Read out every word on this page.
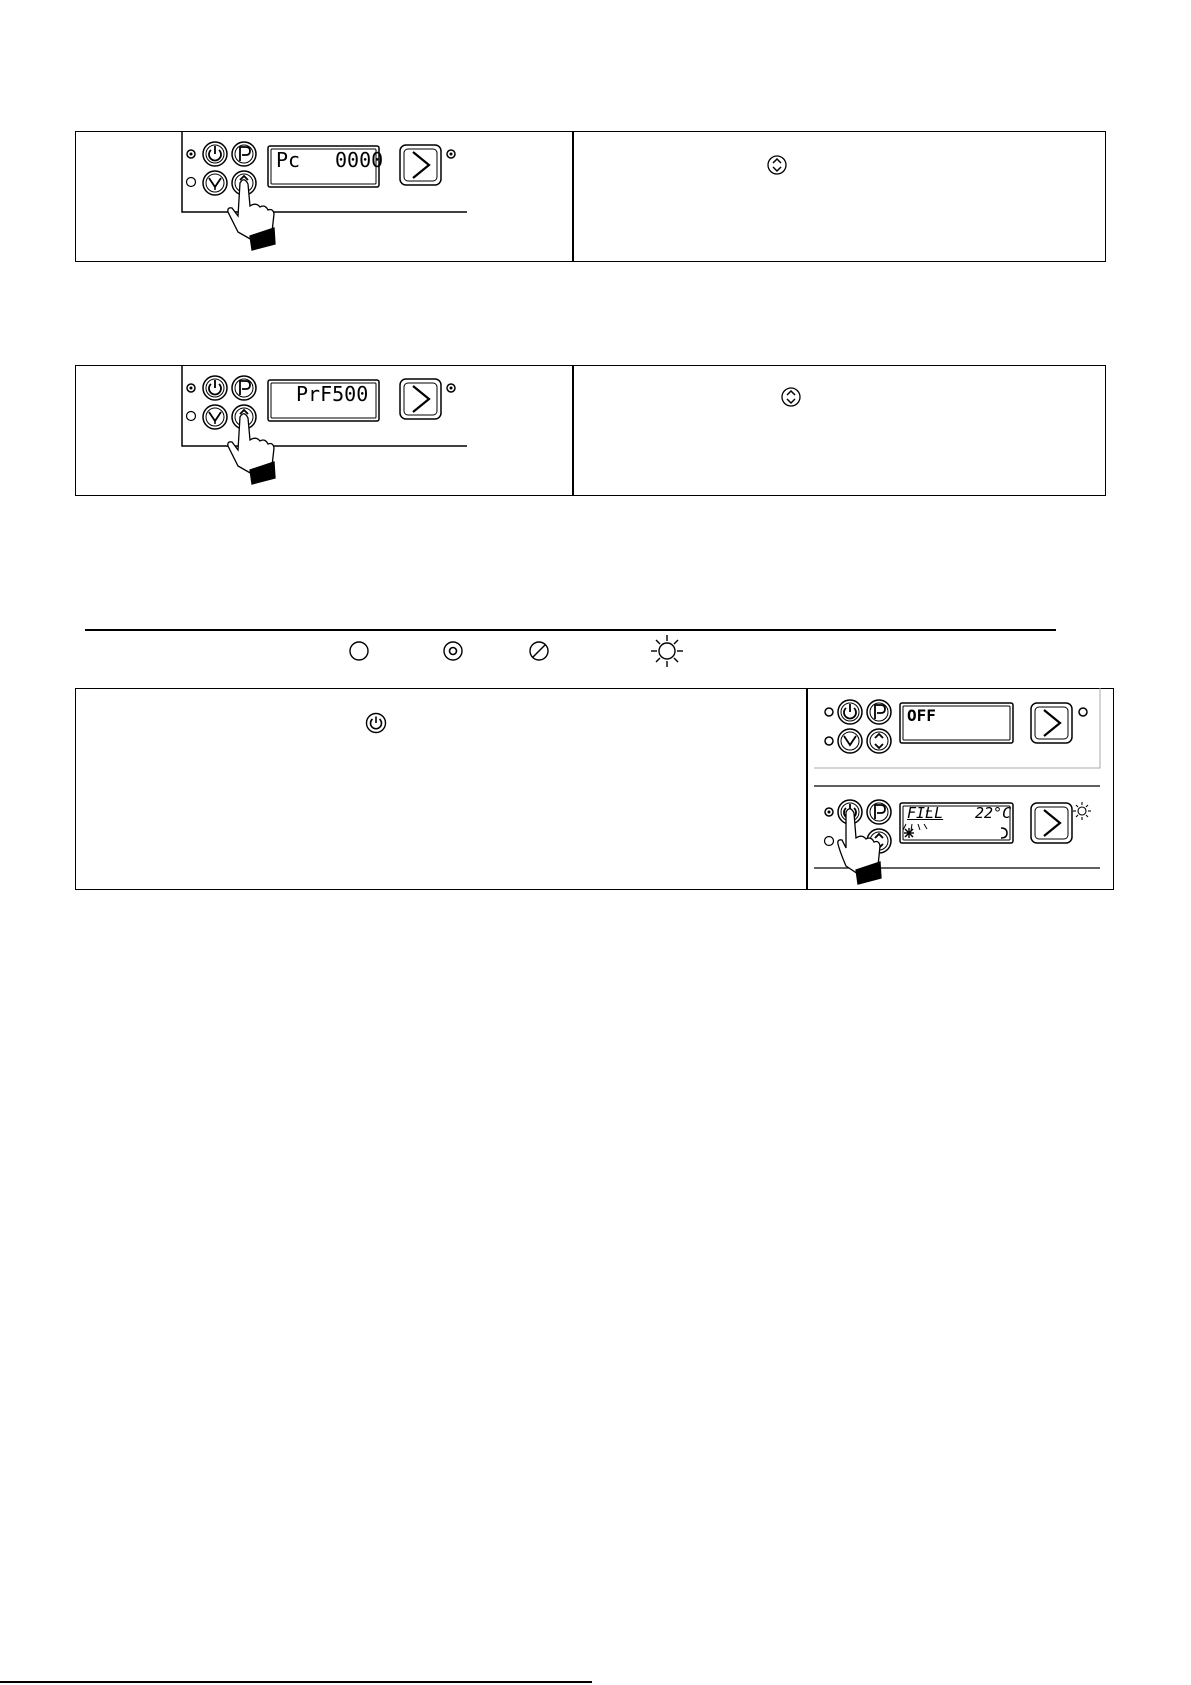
Pc 0000
PrF500
OFF
FILL 22°C
